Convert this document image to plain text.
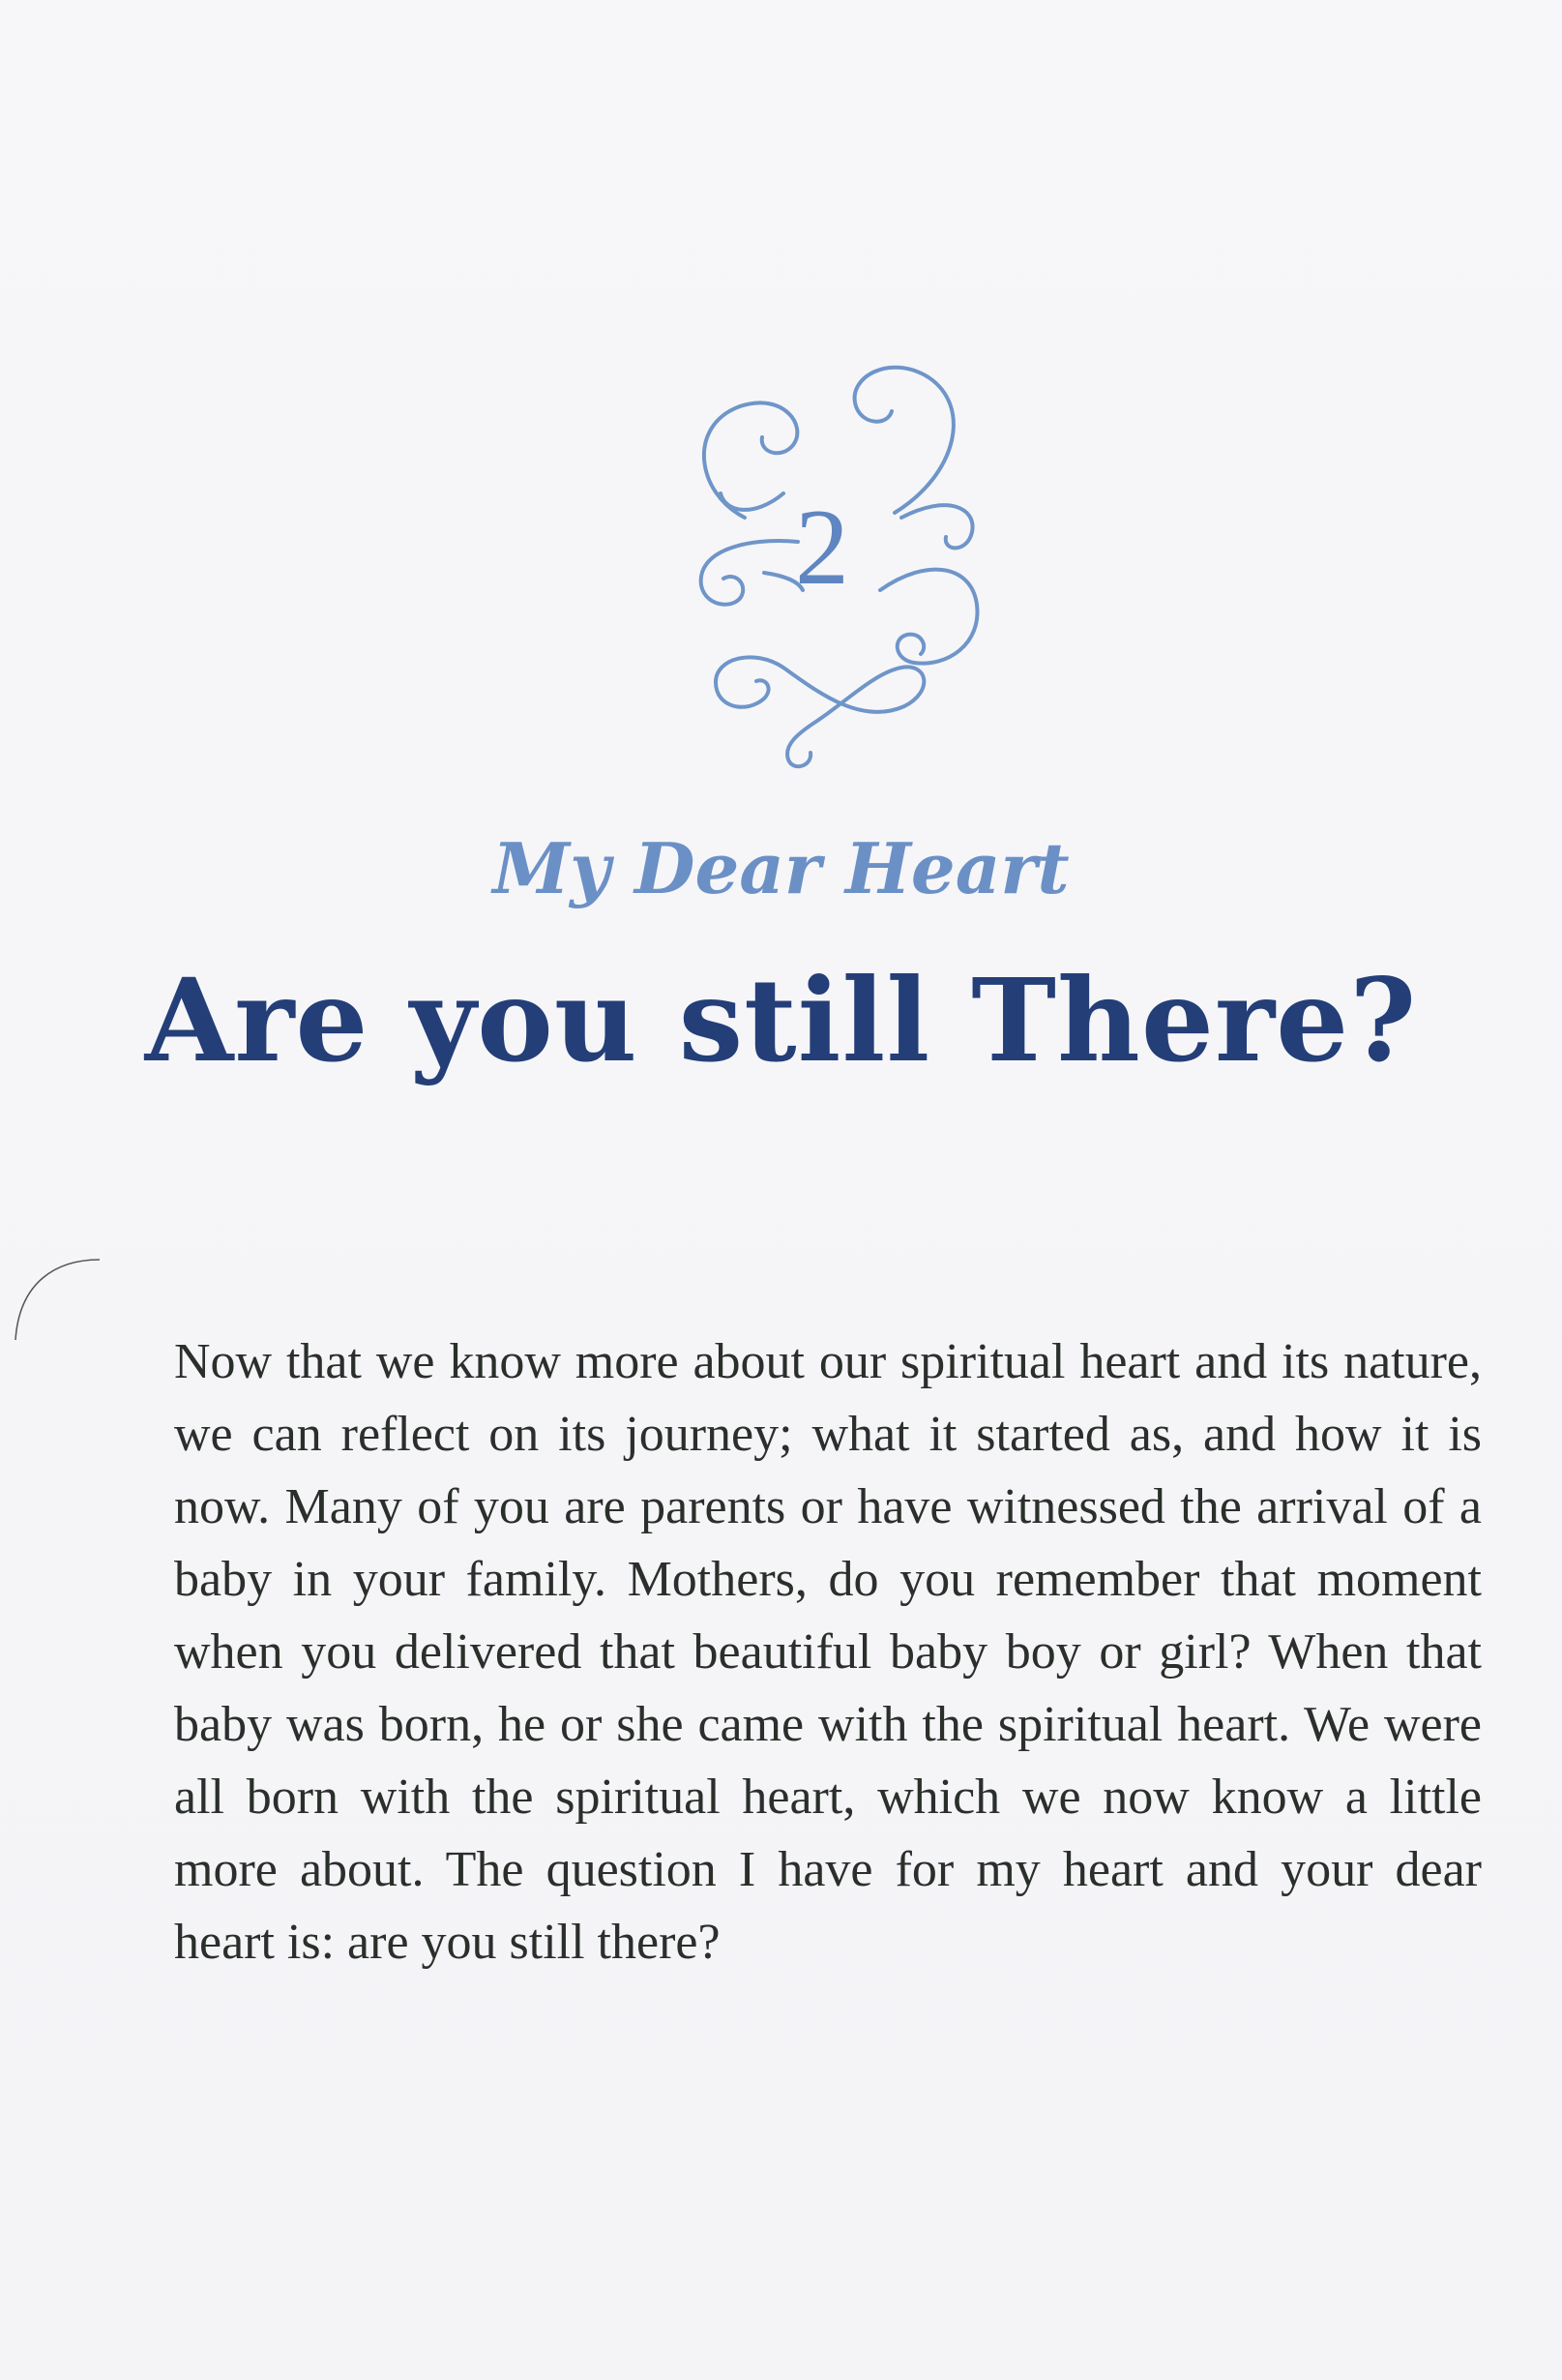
2
My Dear Heart
Are you still There?

Now that we know more about our spiritual heart and its nature, we can reflect on its journey; what it started as, and how it is now. Many of you are parents or have witnessed the arrival of a baby in your family. Mothers, do you remember that moment when you delivered that beautiful baby boy or girl? When that baby was born, he or she came with the spiritual heart. We were all born with the spiritual heart, which we now know a little more about. The question I have for my heart and your dear heart is: are you still there?
